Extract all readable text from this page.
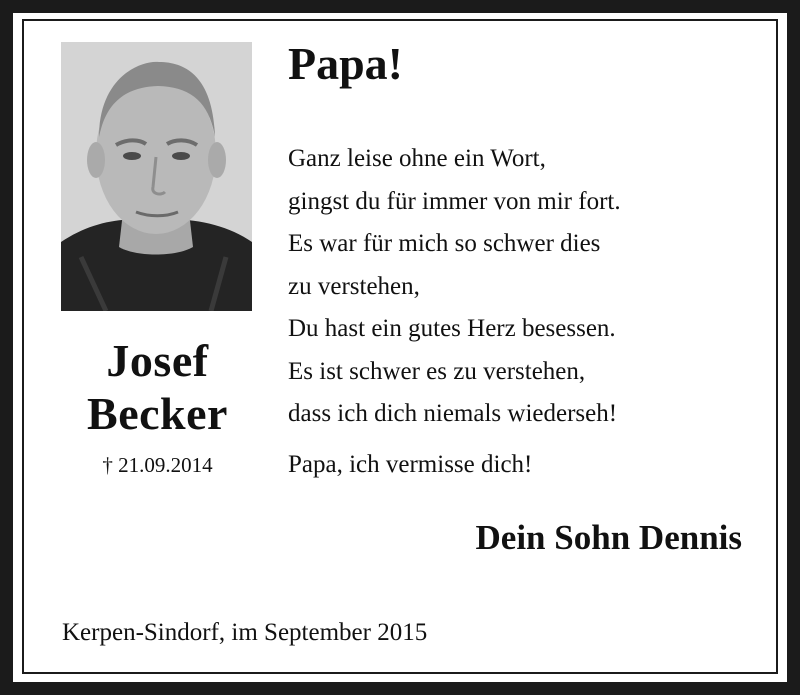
Josef
Becker
† 21.09.2014
Papa!
Ganz leise ohne ein Wort,
gingst du für immer von mir fort.
Es war für mich so schwer dies
zu verstehen,
Du hast ein gutes Herz besessen.
Es ist schwer es zu verstehen,
dass ich dich niemals wiederseh!
Papa, ich vermisse dich!
Dein Sohn Dennis
Kerpen-Sindorf, im September 2015
